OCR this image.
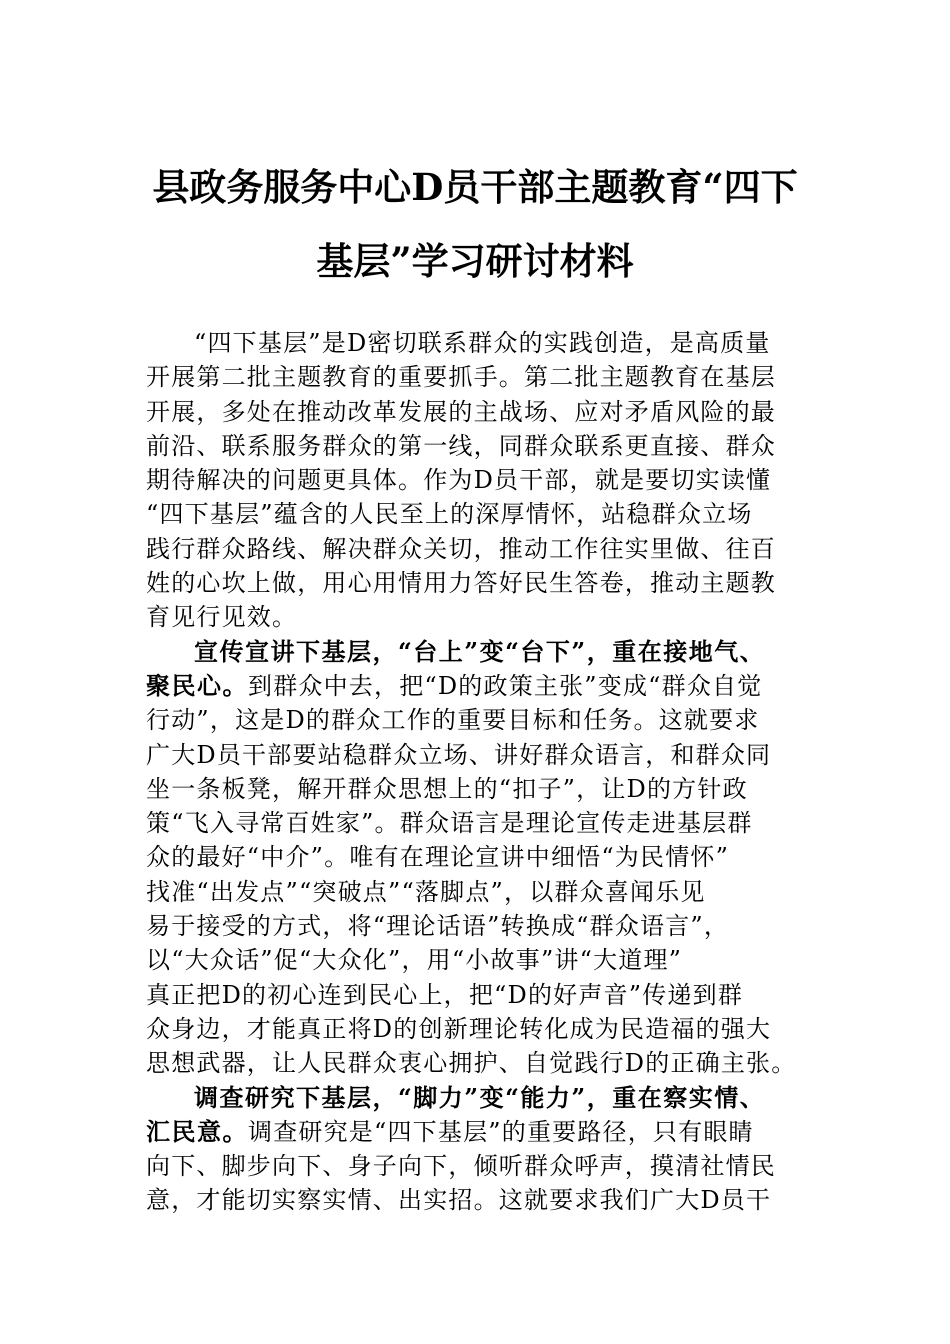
县政务服务中心D员干部主题教育“四下
基层”学习研讨材料
“四下基层”是D密切联系群众的实践创造，是高质量
开展第二批主题教育的重要抓手。第二批主题教育在基层
开展，多处在推动改革发展的主战场、应对矛盾风险的最
前沿、联系服务群众的第一线，同群众联系更直接、群众
期待解决的问题更具体。作为D员干部，就是要切实读懂
“四下基层”蕴含的人民至上的深厚情怀，站稳群众立场
践行群众路线、解决群众关切，推动工作往实里做、往百
姓的心坎上做，用心用情用力答好民生答卷，推动主题教
育见行见效。
宣传宣讲下基层，“台上”变“台下”，重在接地气、
聚民心。到群众中去，把“D的政策主张”变成“群众自觉
行动”，这是D的群众工作的重要目标和任务。这就要求
广大D员干部要站稳群众立场、讲好群众语言，和群众同
坐一条板凳，解开群众思想上的“扣子”，让D的方针政
策“飞入寻常百姓家”。群众语言是理论宣传走进基层群
众的最好“中介”。唯有在理论宣讲中细悟“为民情怀”
找准“出发点”“突破点”“落脚点”，以群众喜闻乐见
易于接受的方式，将“理论话语”转换成“群众语言”，
以“大众话”促“大众化”，用“小故事”讲“大道理”
真正把D的初心连到民心上，把“D的好声音”传递到群
众身边，才能真正将D的创新理论转化成为民造福的强大
思想武器，让人民群众衷心拥护、自觉践行D的正确主张。
调查研究下基层，“脚力”变“能力”，重在察实情、
汇民意。调查研究是“四下基层”的重要路径，只有眼睛
向下、脚步向下、身子向下，倾听群众呼声，摸清社情民
意，才能切实察实情、出实招。这就要求我们广大D员干
